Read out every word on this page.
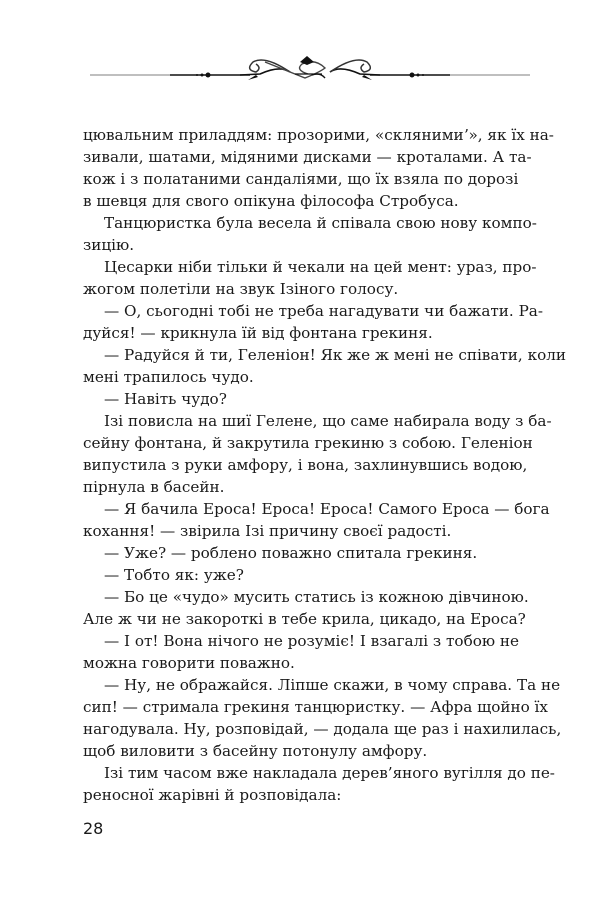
цювальним приладдям: прозорими, «склянимиʼ», як їх на-
зивали, шатами, мідяними дисками — кроталами. А та-
кож і з полатаними сандаліями, що їх взяла по дорозі
в шевця для свого опікуна філософа Стробуса.
Танцюристка була весела й співала свою нову компо-
зицію.
Цесарки ніби тільки й чекали на цей мент: ураз, про-
жогом полетіли на звук Ізіного голосу.
— О, сьогодні тобі не треба нагадувати чи бажати. Ра-
дуйся! — крикнула їй від фонтана грекиня.
— Радуйся й ти, Геленіон! Як же ж мені не співати, коли
мені трапилось чудо.
— Навіть чудо?
Ізі повисла на шиї Гелене, що саме набирала воду з ба-
сейну фонтана, й закрутила грекиню з собою. Геленіон
випустила з руки амфору, і вона, захлинувшись водою,
пірнула в басейн.
— Я бачила Ероса! Ероса! Ероса! Самого Ероса — бога
кохання! — звірила Ізі причину своєї радості.
— Уже? — роблено поважно спитала грекиня.
— Тобто як: уже?
— Бо це «чудо» мусить статись із кожною дівчиною.
Але ж чи не закороткі в тебе крила, цикадо, на Ероса?
— І от! Вона нічого не розуміє! І взагалі з тобою не
можна говорити поважно.
— Ну, не ображайся. Ліпше скажи, в чому справа. Та не
сип! — стримала грекиня танцюристку. — Афра щойно їх
нагодувала. Ну, розповідай, — додала ще раз і нахилилась,
щоб виловити з басейну потонулу амфору.
Ізі тим часом вже накладала дерев’яного вугілля до пе-
реносної жарівні й розповідала:
28
